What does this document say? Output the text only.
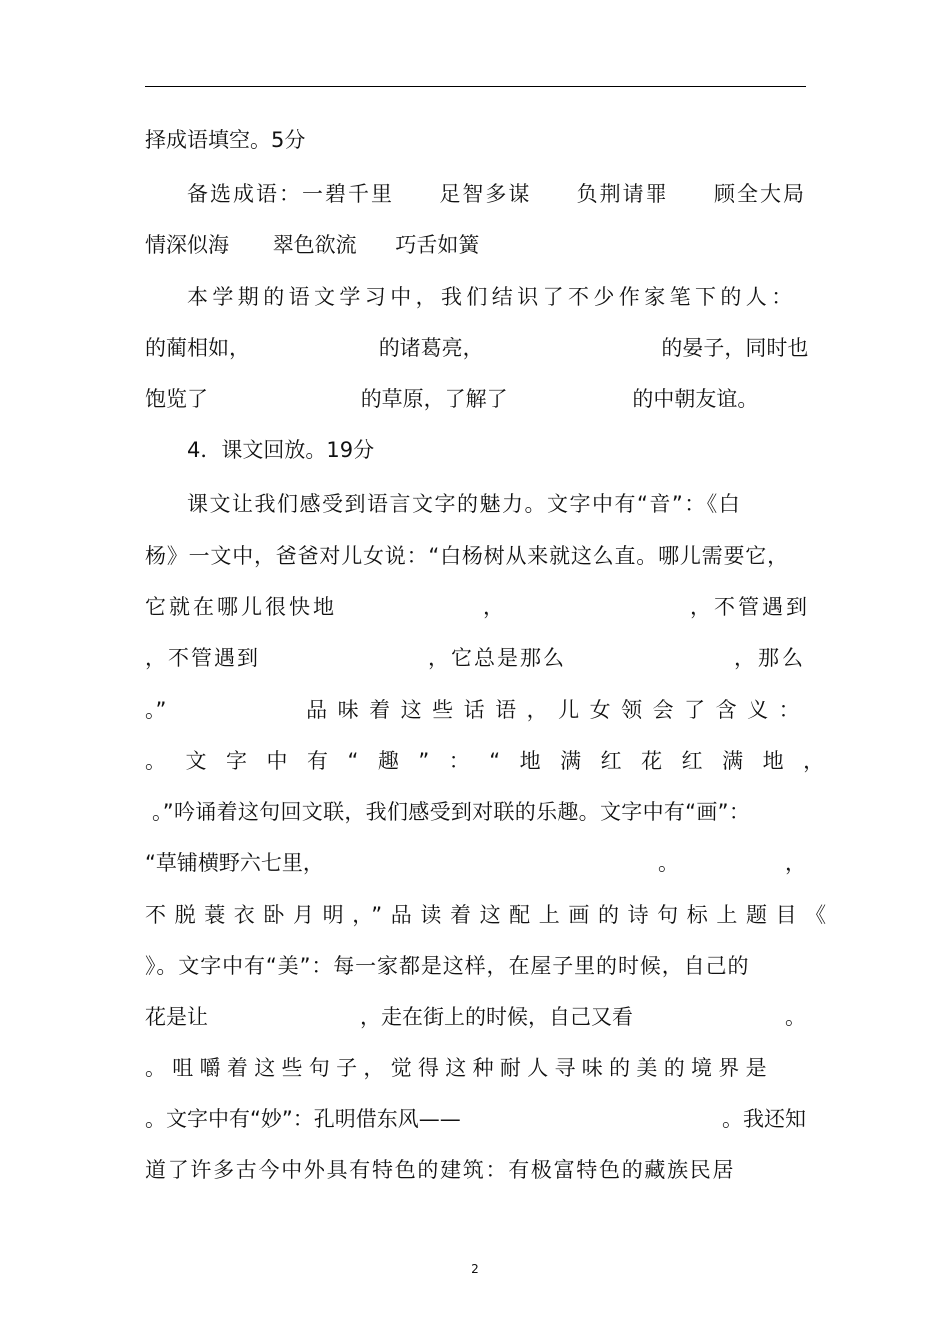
择成语填空。5分
备选成语：一碧千里 足智多谋 负荆请罪 顾全大局
情深似海 翠色欲流 巧舌如簧
本学期的语文学习中，我们结识了不少作家笔下的人：
的蔺相如，	的诸葛亮，	的晏子，同时也
饱览了	的草原，了解了	的中朝友谊。
4．课文回放。19分
课文让我们感受到语言文字的魅力。文字中有“音”：《白
杨》一文中，爸爸对儿女说：“白杨树从来就这么直。哪儿需要它，
它就在哪儿很快地	，	，不管遇到
，不管遇到	，它总是那么	，那么
。”	品味着这些话语，儿女领会了含义：
。文字中有“趣”：“地满红花红满地，
。”吟诵着这句回文联，我们感受到对联的乐趣。文字中有“画”：
“草铺横野六七里，	。	，
不脱蓑衣卧月明，”品读着这配上画的诗句标上题目《
》。文字中有“美”：每一家都是这样，在屋子里的时候，自己的
花是让	，走在街上的时候，自己又看	。
。咀嚼着这些句子，觉得这种耐人寻味的美的境界是
。文字中有“妙”：孔明借东风——	。我还知
道了许多古今中外具有特色的建筑：有极富特色的藏族民居
2
